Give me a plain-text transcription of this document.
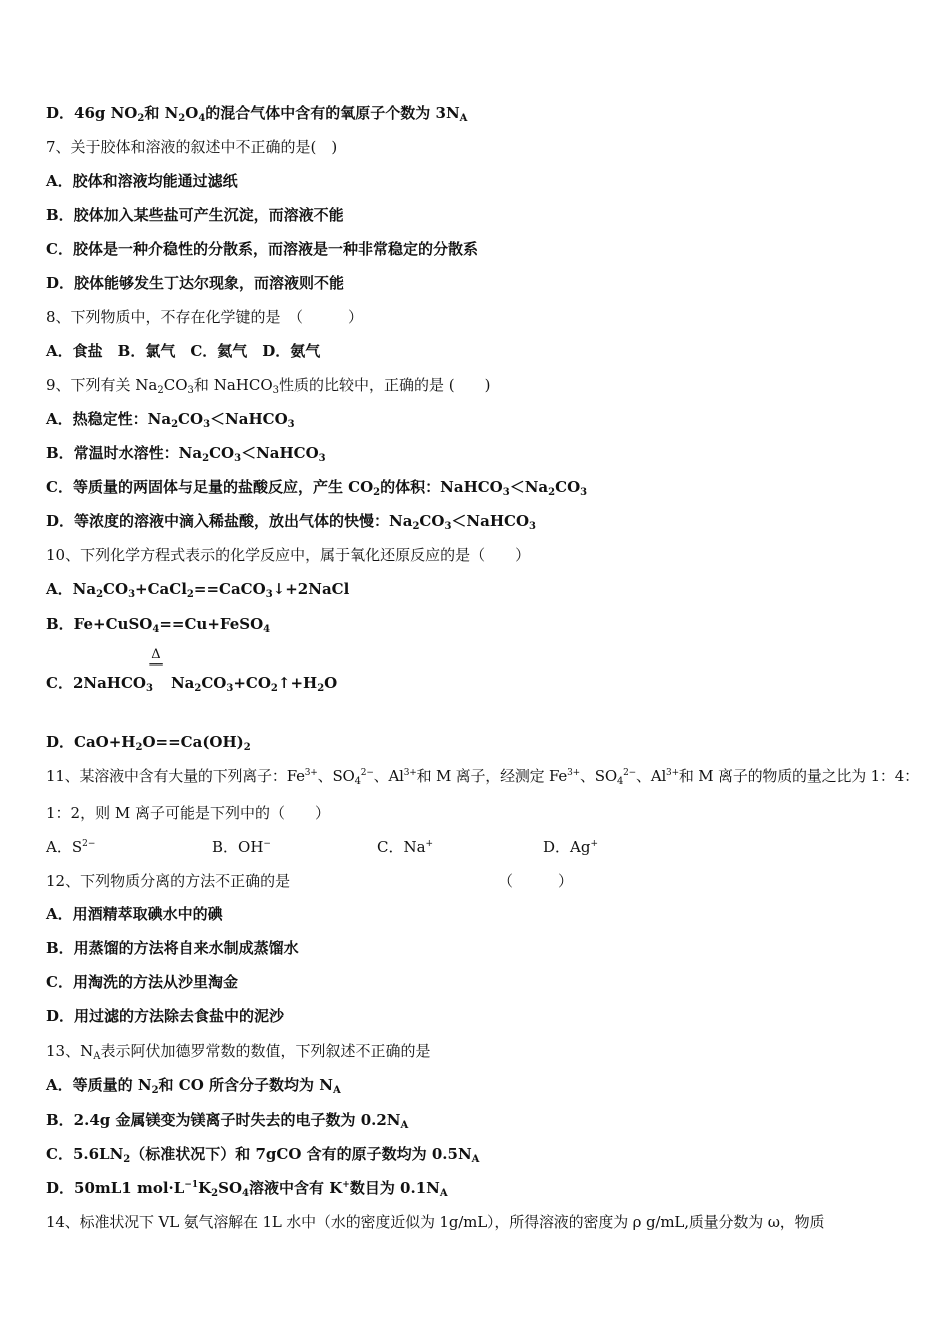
D．46g $NO_2$和 $N_2O_4$的混合气体中含有的氧原子个数为 $3N_A$
7、关于胶体和溶液的叙述中不正确的是(　)
A．胶体和溶液均能通过滤纸
B．胶体加入某些盐可产生沉淀，而溶液不能
C．胶体是一种介稳性的分散系，而溶液是一种非常稳定的分散系
D．胶体能够发生丁达尔现象，而溶液则不能
8、下列物质中，不存在化学键的是　（　　　）
A．食盐　B．氯气　C．氦气　D．氨气
9、下列有关 $Na_2CO_3$和 NaHCO$_3$性质的比较中，正确的是 (　　)
A．热稳定性：$Na_2CO_3<NaHCO_3$
B．常温时水溶性：$Na_2CO_3<NaHCO_3$
C．等质量的两固体与足量的盐酸反应，产生 $CO_2$的体积：$NaHCO_3<Na_2CO_3$
D．等浓度的溶液中滴入稀盐酸，放出气体的快慢：$Na_2CO_3<NaHCO_3$
10、下列化学方程式表示的化学反应中，属于氧化还原反应的是（　　）
A．$Na_2CO_3+CaCl_2==CaCO_3↓+2NaCl$
B．Fe+CuSO$_4$==Cu+FeSO$_4$
Δ
══
C．2NaHCO$_3$ $Na_2CO_3+CO_2↑+H_2O$
D．$CaO+H_2O==Ca(OH)_2$
11、某溶液中含有大量的下列离子：$Fe^{3+}$、$SO_4^{2-}$、$Al^{3+}$和 M 离子，经测定 $Fe^{3+}$、$SO_4^{2-}$、$Al^{3+}$和 M 离子的物质的量之比为 1：4：
1：2，则 M 离子可能是下列中的（　　）
A．$S^{2-}$	B．OH−	C．Na+	D．Ag+
12、下列物质分离的方法不正确的是	（　　　）
A．用酒精萃取碘水中的碘
B．用蒸馏的方法将自来水制成蒸馏水
C．用淘洗的方法从沙里淘金
D．用过滤的方法除去食盐中的泥沙
13、$N_A$表示阿伏加德罗常数的数值，下列叙述不正确的是
A．等质量的 $N_2$和 CO 所含分子数均为 $N_A$
B．2.4g 金属镁变为镁离子时失去的电子数为 $0.2N_A$
C．$5.6LN_2$（标准状况下）和 7gCO 含有的原子数均为 $0.5N_A$
D．50mL1 $mol\cdot L^{-1}K_2SO_4$溶液中含有 K+数目为 $0.1N_A$
14、标准状况下 VL 氨气溶解在 1L 水中（水的密度近似为 1g/mL），所得溶液的密度为 ρ g/mL,质量分数为 ω，物质
